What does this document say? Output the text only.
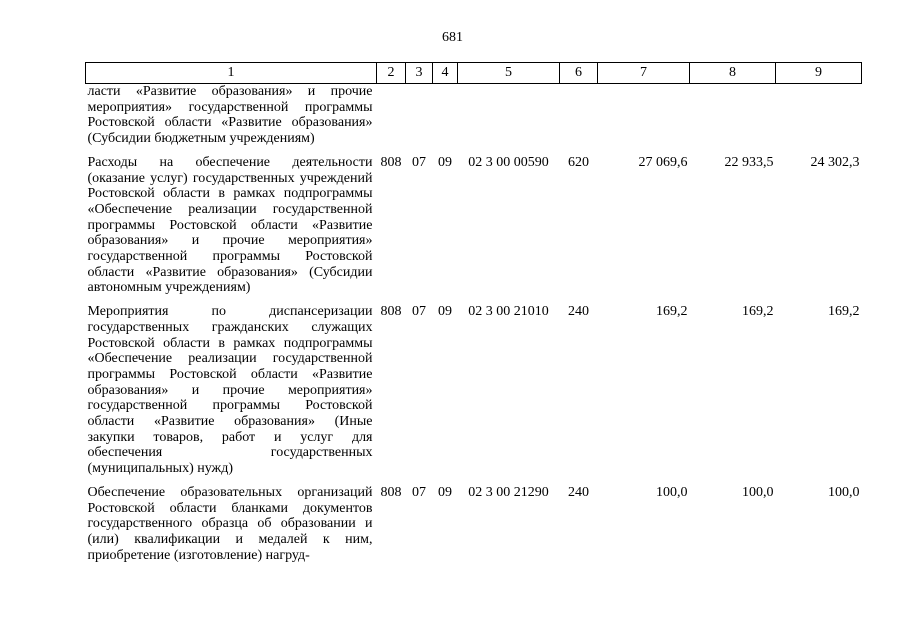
681
1	2	3	4	5	6	7	8	9
ласти «Развитие образования» и прочие мероприятия» государственной программы Ростовской области «Развитие образования» (Субсидии бюджетным учреждениям)								
Расходы на обеспечение деятельности (оказание услуг) государственных учреждений Ростовской области в рамках подпрограммы «Обеспечение реализации государственной программы Ростовской области «Развитие образования» и прочие мероприятия» государственной программы Ростовской области «Развитие образования» (Субсидии автономным учреждениям)	808	07	09	02 3 00 00590	620	27 069,6	22 933,5	24 302,3
Мероприятия по диспансеризации государственных гражданских служащих Ростовской области в рамках подпрограммы «Обеспечение реализации государственной программы Ростовской области «Развитие образования» и прочие мероприятия» государственной программы Ростовской области «Развитие образования» (Иные закупки товаров, работ и услуг для обеспечения государственных (муниципальных) нужд)	808	07	09	02 3 00 21010	240	169,2	169,2	169,2
Обеспечение образовательных организаций Ростовской области бланками документов государственного образца об образовании и (или) квалификации и медалей к ним, приобретение (изготовление) нагруд-	808	07	09	02 3 00 21290	240	100,0	100,0	100,0
